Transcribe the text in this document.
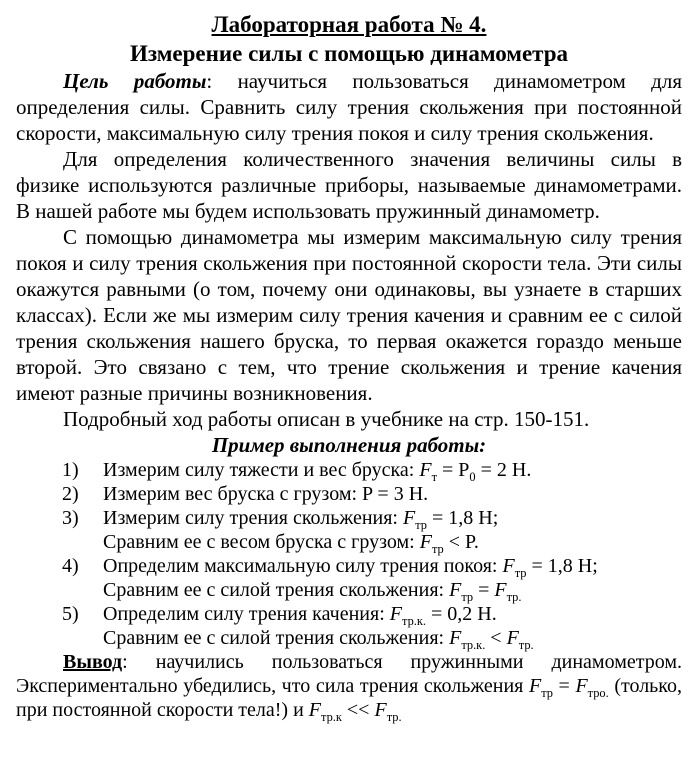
Лабораторная работа № 4.
Измерение силы с помощью динамометра

Цель работы: научиться пользоваться динамометром для определения силы. Сравнить силу трения скольжения при постоянной скорости, максимальную силу трения покоя и силу трения скольжения.

Для определения количественного значения величины силы в физике используются различные приборы, называемые динамометрами. В нашей работе мы будем использовать пружинный динамометр.

С помощью динамометра мы измерим максимальную силу трения покоя и силу трения скольжения при постоянной скорости тела. Эти силы окажутся равными (о том, почему они одинаковы, вы узнаете в старших классах). Если же мы измерим силу трения качения и сравним ее с силой трения скольжения нашего бруска, то первая окажется гораздо меньше второй. Это связано с тем, что трение скольжения и трение качения имеют разные причины возникновения.

Подробный ход работы описан в учебнике на стр. 150-151.

Пример выполнения работы:
1)	Измерим силу тяжести и вес бруска: $F_т = P_0 = 2$ Н.
2)	Измерим вес бруска с грузом: P = 3 Н.
3)	Измерим силу трения скольжения: $F_{тр} = 1,8$ Н;
Сравним ее с весом бруска с грузом: $F_{тр} < P$.
4)	Определим максимальную силу трения покоя: $F_{тр} = 1,8$ Н;
Сравним ее с силой трения скольжения: $F_{тр} = F_{тр.}$
5)	Определим силу трения качения: $F_{тр.к.} = 0,2$ Н.
Сравним ее с силой трения скольжения: $F_{тр.к.} < F_{тр.}$

Вывод: научились пользоваться пружинными динамометром. Экспериментально убедились, что сила трения скольжения $F_{тр} = F_{тро.}$ (только, при постоянной скорости тела!) и $F_{тр.к} << F_{тр.}$
